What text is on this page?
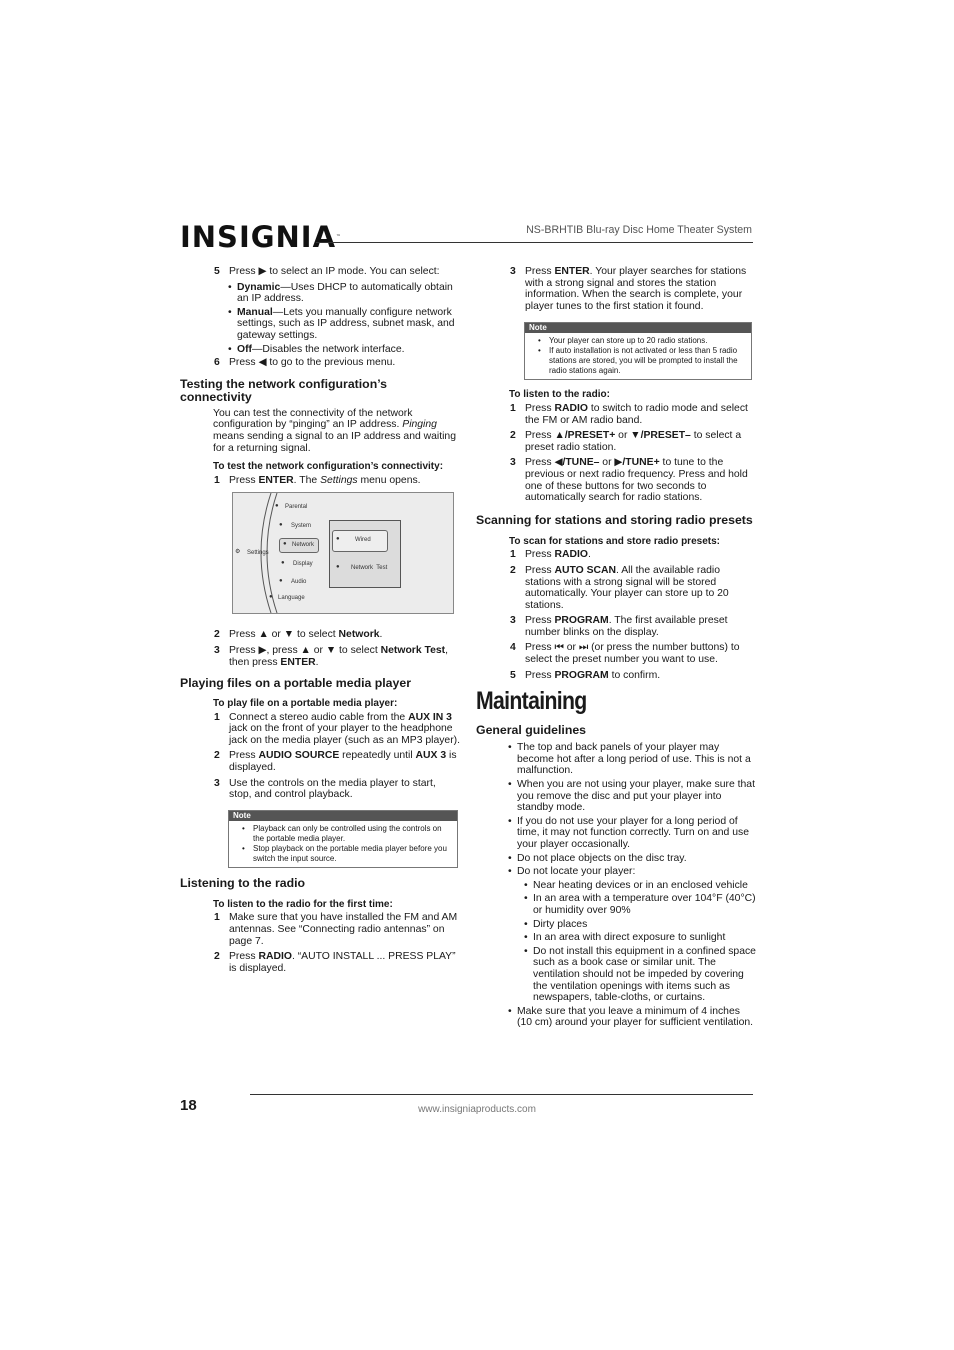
INSIGNIA™
NS-BRHTIB Blu-ray Disc Home Theater System
5 Press ▶ to select an IP mode. You can select:
• Dynamic—Uses DHCP to automatically obtain an IP address.
• Manual—Lets you manually configure network settings, such as IP address, subnet mask, and gateway settings.
• Off—Disables the network interface.
6 Press ◀ to go to the previous menu.
Testing the network configuration’s connectivity
You can test the connectivity of the network configuration by “pinging” an IP address. Pinging means sending a signal to an IP address and waiting for a returning signal.
To test the network configuration’s connectivity:
1 Press ENTER. The Settings menu opens.
⚙ Settings
● Parental
● System
● Network
● Display
● Audio
● Language
●	Wired
● Network  Test
2 Press ▲ or ▼ to select Network.
3 Press ▶, press ▲ or ▼ to select Network Test, then press ENTER.
Playing files on a portable media player
To play file on a portable media player:
1 Connect a stereo audio cable from the AUX IN 3 jack on the front of your player to the headphone jack on the media player (such as an MP3 player).
2 Press AUDIO SOURCE repeatedly until AUX 3 is displayed.
3 Use the controls on the media player to start, stop, and control playback.
Note
• Playback can only be controlled using the controls on the portable media player.
• Stop playback on the portable media player before you switch the input source.
Listening to the radio
To listen to the radio for the first time:
1 Make sure that you have installed the FM and AM antennas. See “Connecting radio antennas” on page 7.
2 Press RADIO. “AUTO INSTALL ... PRESS PLAY” is displayed.
3 Press ENTER. Your player searches for stations with a strong signal and stores the station information. When the search is complete, your player tunes to the first station it found.
Note
• Your player can store up to 20 radio stations.
• If auto installation is not activated or less than 5 radio stations are stored, you will be prompted to install the radio stations again.
To listen to the radio:
1 Press RADIO to switch to radio mode and select the FM or AM radio band.
2 Press ▲/PRESET+ or ▼/PRESET– to select a preset radio station.
3 Press ◀/TUNE– or ▶/TUNE+ to tune to the previous or next radio frequency. Press and hold one of these buttons for two seconds to automatically search for radio stations.
Scanning for stations and storing radio presets
To scan for stations and store radio presets:
1 Press RADIO.
2 Press AUTO SCAN. All the available radio stations with a strong signal will be stored automatically. Your player can store up to 20 stations.
3 Press PROGRAM. The first available preset number blinks on the display.
4 Press ⏮ or ⏭ (or press the number buttons) to select the preset number you want to use.
5 Press PROGRAM to confirm.
Maintaining
General guidelines
• The top and back panels of your player may become hot after a long period of use. This is not a malfunction.
• When you are not using your player, make sure that you remove the disc and put your player into standby mode.
• If you do not use your player for a long period of time, it may not function correctly. Turn on and use your player occasionally.
• Do not place objects on the disc tray.
• Do not locate your player:
• Near heating devices or in an enclosed vehicle
• In an area with a temperature over 104°F (40°C) or humidity over 90%
• Dirty places
• In an area with direct exposure to sunlight
• Do not install this equipment in a confined space such as a book case or similar unit. The ventilation should not be impeded by covering the ventilation openings with items such as newspapers, table-cloths, or curtains.
• Make sure that you leave a minimum of 4 inches (10 cm) around your player for sufficient ventilation.
18	www.insigniaproducts.com
